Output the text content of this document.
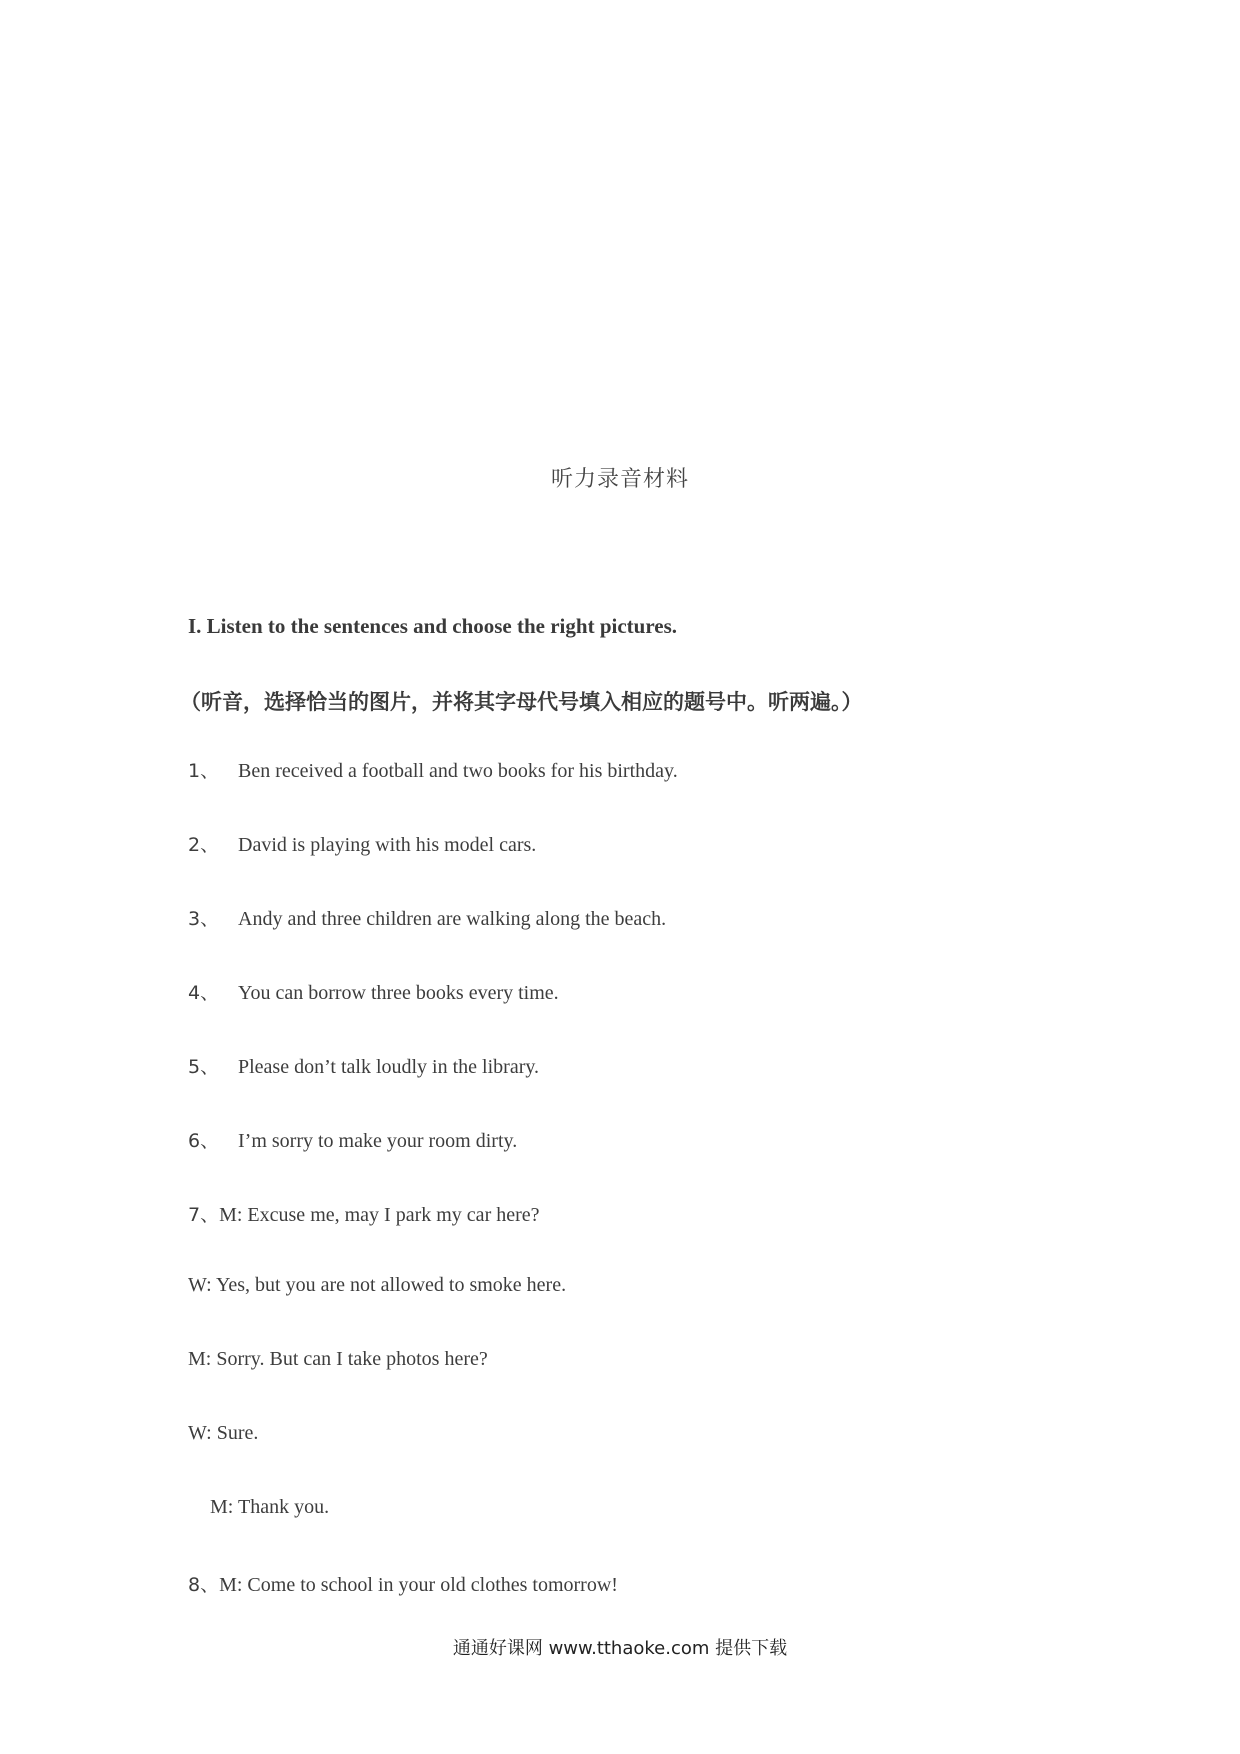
听力录音材料
I. Listen to the sentences and choose the right pictures.
（听音，选择恰当的图片，并将其字母代号填入相应的题号中。听两遍。）
1、 Ben received a football and two books for his birthday.
2、 David is playing with his model cars.
3、 Andy and three children are walking along the beach.
4、 You can borrow three books every time.
5、 Please don’t talk loudly in the library.
6、 I’m sorry to make your room dirty.
7、M: Excuse me, may I park my car here?
W: Yes, but you are not allowed to smoke here.
M: Sorry. But can I take photos here?
W: Sure.
M: Thank you.
8、M: Come to school in your old clothes tomorrow!
通通好课网 www.tthaoke.com 提供下载
